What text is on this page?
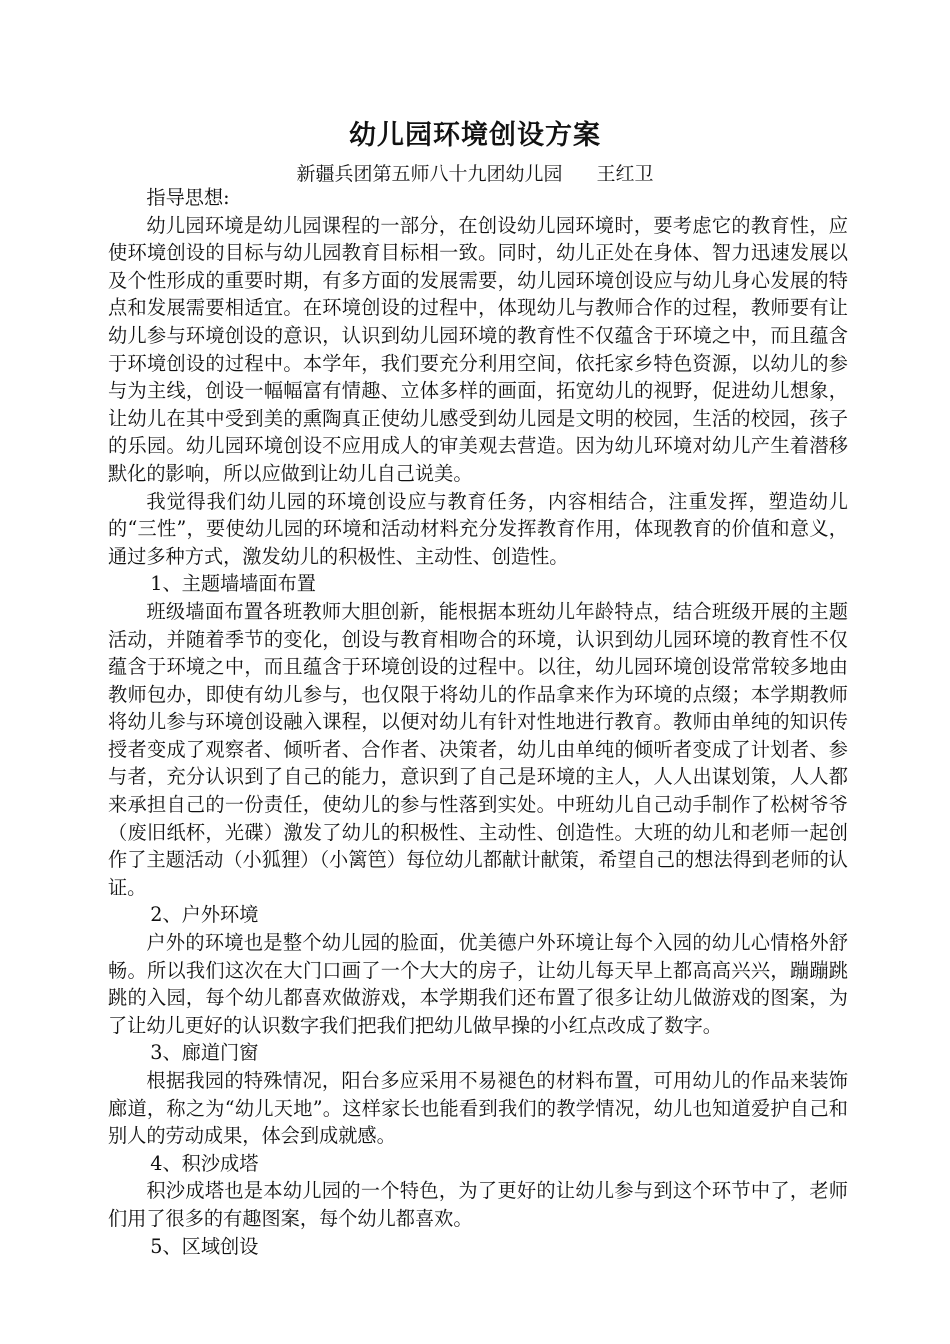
幼儿园环境创设方案
新疆兵团第五师八十九团幼儿园 王红卫

指导思想:

幼儿园环境是幼儿园课程的一部分，在创设幼儿园环境时，要考虑它的教育性，应使环境创设的目标与幼儿园教育目标相一致。同时，幼儿正处在身体、智力迅速发展以及个性形成的重要时期，有多方面的发展需要，幼儿园环境创设应与幼儿身心发展的特点和发展需要相适宜。在环境创设的过程中，体现幼儿与教师合作的过程，教师要有让幼儿参与环境创设的意识，认识到幼儿园环境的教育性不仅蕴含于环境之中，而且蕴含于环境创设的过程中。本学年，我们要充分利用空间，依托家乡特色资源，以幼儿的参与为主线，创设一幅幅富有情趣、立体多样的画面，拓宽幼儿的视野，促进幼儿想象，让幼儿在其中受到美的熏陶真正使幼儿感受到幼儿园是文明的校园，生活的校园，孩子的乐园。幼儿园环境创设不应用成人的审美观去营造。因为幼儿环境对幼儿产生着潜移默化的影响，所以应做到让幼儿自己说美。

我觉得我们幼儿园的环境创设应与教育任务，内容相结合，注重发挥，塑造幼儿的“三性”，要使幼儿园的环境和活动材料充分发挥教育作用，体现教育的价值和意义，通过多种方式，激发幼儿的积极性、主动性、创造性。

1、主题墙墙面布置

班级墙面布置各班教师大胆创新，能根据本班幼儿年龄特点，结合班级开展的主题活动，并随着季节的变化，创设与教育相吻合的环境，认识到幼儿园环境的教育性不仅蕴含于环境之中，而且蕴含于环境创设的过程中。以往，幼儿园环境创设常常较多地由教师包办，即使有幼儿参与，也仅限于将幼儿的作品拿来作为环境的点缀；本学期教师将幼儿参与环境创设融入课程，以便对幼儿有针对性地进行教育。教师由单纯的知识传授者变成了观察者、倾听者、合作者、决策者，幼儿由单纯的倾听者变成了计划者、参与者，充分认识到了自己的能力，意识到了自己是环境的主人，人人出谋划策，人人都来承担自己的一份责任，使幼儿的参与性落到实处。中班幼儿自己动手制作了松树爷爷（废旧纸杯，光碟）激发了幼儿的积极性、主动性、创造性。大班的幼儿和老师一起创作了主题活动（小狐狸）（小篱笆）每位幼儿都献计献策，希望自己的想法得到老师的认证。

2、户外环境

户外的环境也是整个幼儿园的脸面，优美德户外环境让每个入园的幼儿心情格外舒畅。所以我们这次在大门口画了一个大大的房子，让幼儿每天早上都高高兴兴，蹦蹦跳跳的入园，每个幼儿都喜欢做游戏，本学期我们还布置了很多让幼儿做游戏的图案，为了让幼儿更好的认识数字我们把我们把幼儿做早操的小红点改成了数字。

3、廊道门窗

根据我园的特殊情况，阳台多应采用不易褪色的材料布置，可用幼儿的作品来装饰廊道，称之为“幼儿天地”。这样家长也能看到我们的教学情况，幼儿也知道爱护自己和别人的劳动成果，体会到成就感。

4、积沙成塔

积沙成塔也是本幼儿园的一个特色，为了更好的让幼儿参与到这个环节中了，老师们用了很多的有趣图案，每个幼儿都喜欢。

5、区域创设
